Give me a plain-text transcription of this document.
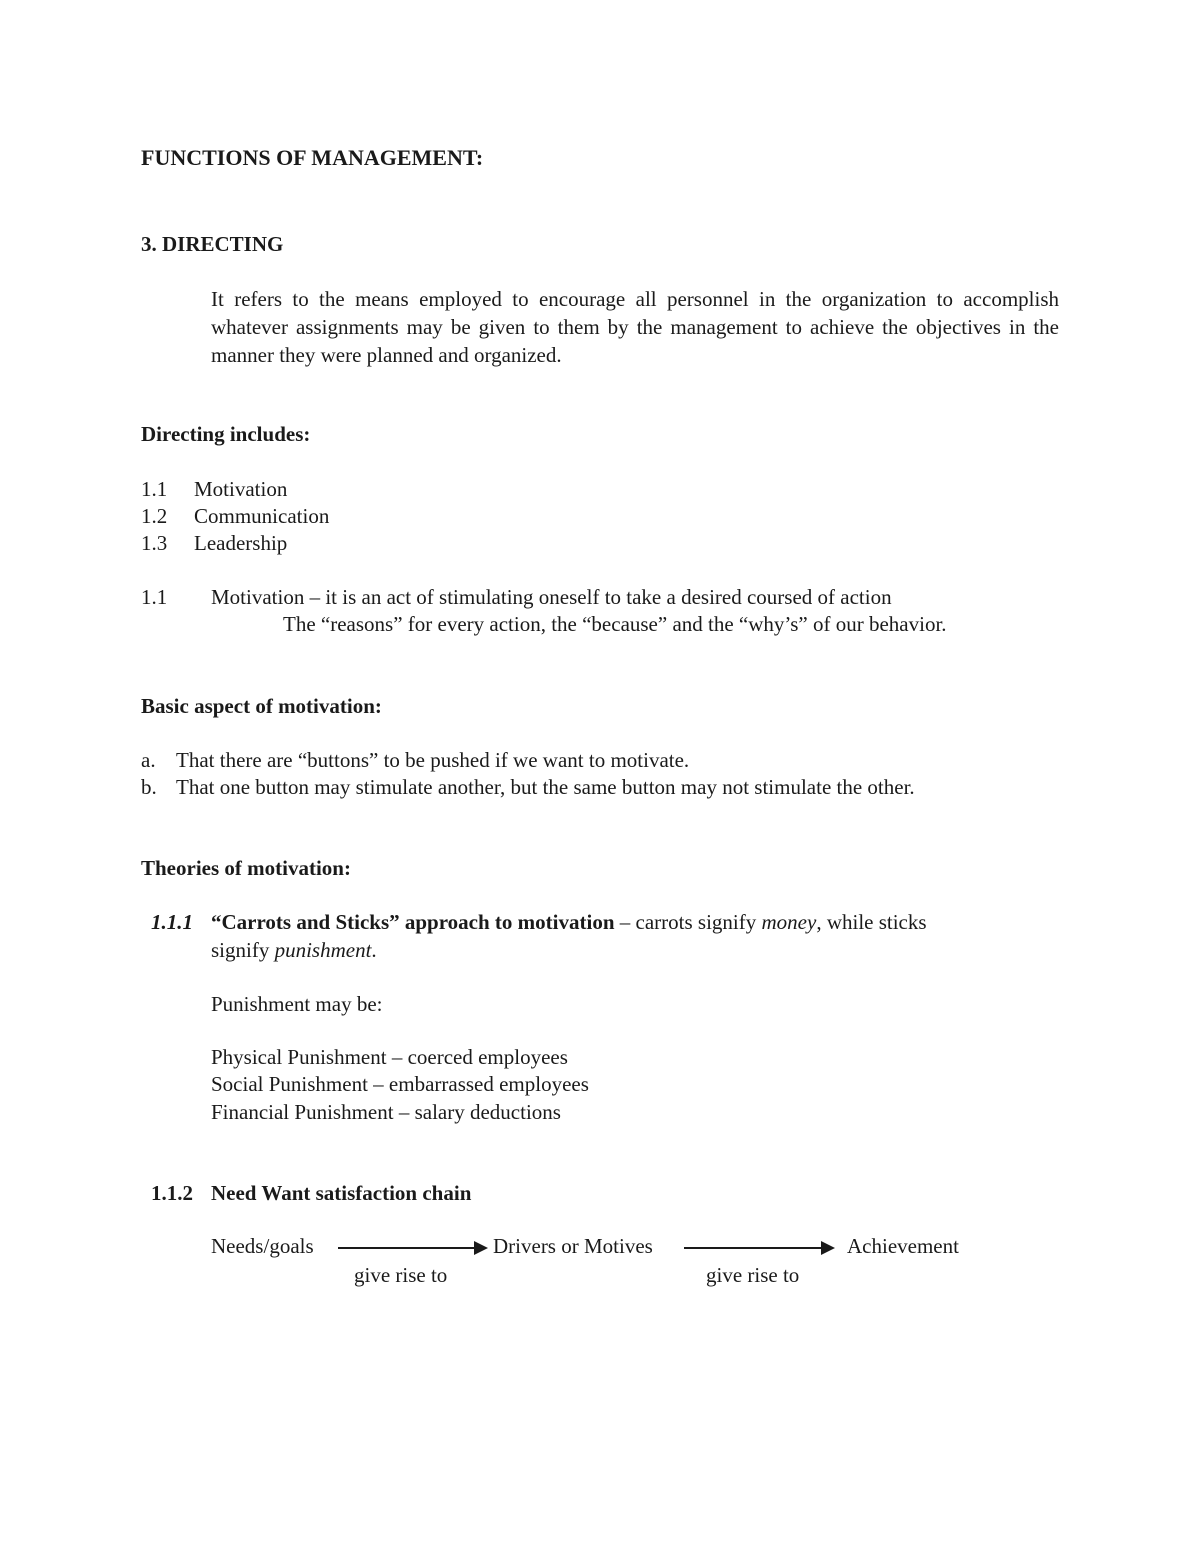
FUNCTIONS OF MANAGEMENT:
3. DIRECTING
It refers to the means employed to encourage all personnel in the organization to accomplish whatever assignments may be given to them by the management to achieve the objectives in the manner they were planned and organized.
Directing includes:
1.1 Motivation
1.2 Communication
1.3 Leadership
1.1 Motivation – it is an act of stimulating oneself to take a desired coursed of action
The “reasons” for every action, the “because” and the “why’s” of our behavior.
Basic aspect of motivation:
a. That there are “buttons” to be pushed if we want to motivate.
b. That one button may stimulate another, but the same button may not stimulate the other.
Theories of motivation:
1.1.1 “Carrots and Sticks” approach to motivation – carrots signify money, while sticks
signify punishment.
Punishment may be:
Physical Punishment – coerced employees
Social Punishment – embarrassed employees
Financial Punishment – salary deductions
1.1.2 Need Want satisfaction chain
Needs/goals	Drivers or Motives	Achievement
give rise to	give rise to
